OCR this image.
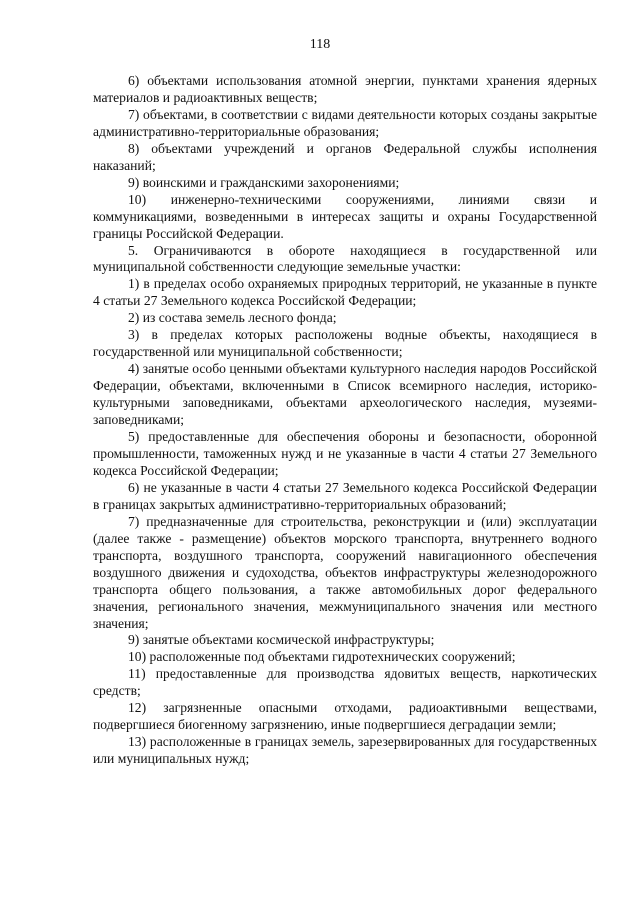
118

6) объектами использования атомной энергии, пунктами хранения ядерных материалов и радиоактивных веществ;

7) объектами, в соответствии с видами деятельности которых созданы закрытые административно-территориальные образования;

8) объектами учреждений и органов Федеральной службы исполнения наказаний;

9) воинскими и гражданскими захоронениями;

10) инженерно-техническими сооружениями, линиями связи и коммуникациями, возведенными в интересах защиты и охраны Государственной границы Российской Федерации.

5. Ограничиваются в обороте находящиеся в государственной или муниципальной собственности следующие земельные участки:

1) в пределах особо охраняемых природных территорий, не указанные в пункте 4 статьи 27 Земельного кодекса Российской Федерации;

2) из состава земель лесного фонда;

3) в пределах которых расположены водные объекты, находящиеся в государственной или муниципальной собственности;

4) занятые особо ценными объектами культурного наследия народов Российской Федерации, объектами, включенными в Список всемирного наследия, историко-культурными заповедниками, объектами археологического наследия, музеями-заповедниками;

5) предоставленные для обеспечения обороны и безопасности, оборонной промышленности, таможенных нужд и не указанные в части 4 статьи 27 Земельного кодекса Российской Федерации;

6) не указанные в части 4 статьи 27 Земельного кодекса Российской Федерации в границах закрытых административно-территориальных образований;

7) предназначенные для строительства, реконструкции и (или) эксплуатации (далее также - размещение) объектов морского транспорта, внутреннего водного транспорта, воздушного транспорта, сооружений навигационного обеспечения воздушного движения и судоходства, объектов инфраструктуры железнодорожного транспорта общего пользования, а также автомобильных дорог федерального значения, регионального значения, межмуниципального значения или местного значения;

9) занятые объектами космической инфраструктуры;

10) расположенные под объектами гидротехнических сооружений;

11) предоставленные для производства ядовитых веществ, наркотических средств;

12) загрязненные опасными отходами, радиоактивными веществами, подвергшиеся биогенному загрязнению, иные подвергшиеся деградации земли;

13) расположенные в границах земель, зарезервированных для государственных или муниципальных нужд;
